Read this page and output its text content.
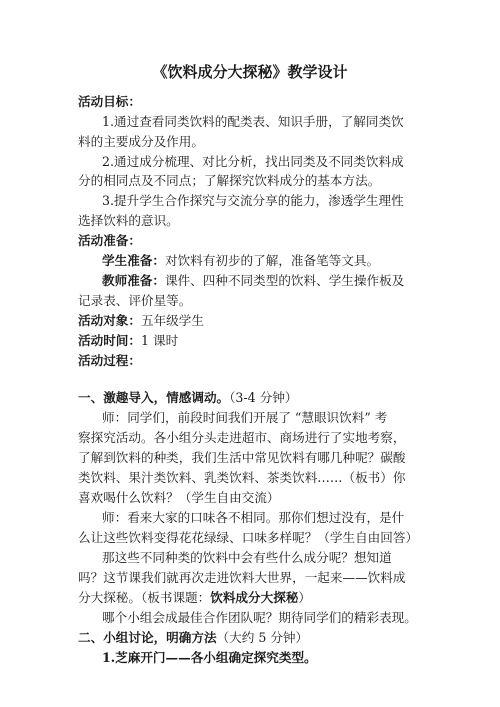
《饮料成分大探秘》教学设计
活动目标：
1.通过查看同类饮料的配类表、知识手册，了解同类饮
料的主要成分及作用。
2.通过成分梳理、对比分析，找出同类及不同类饮料成
分的相同点及不同点；了解探究饮料成分的基本方法。
3.提升学生合作探究与交流分享的能力，渗透学生理性
选择饮料的意识。
活动准备：
学生准备：对饮料有初步的了解，准备笔等文具。
教师准备：课件、四种不同类型的饮料、学生操作板及
记录表、评价星等。
活动对象：五年级学生
活动时间：1 课时
活动过程：
一、激趣导入，情感调动。（3-4 分钟）
师：同学们，前段时间我们开展了 “慧眼识饮料” 考
察探究活动。各小组分头走进超市、商场进行了实地考察，
了解到饮料的种类，我们生活中常见饮料有哪几种呢？碳酸
类饮料、果汁类饮料、乳类饮料、茶类饮料……（板书）你
喜欢喝什么饮料？（学生自由交流）
师：看来大家的口味各不相同。那你们想过没有，是什
么让这些饮料变得花花绿绿、口味多样呢？（学生自由回答）
那这些不同种类的饮料中会有些什么成分呢？想知道
吗？这节课我们就再次走进饮料大世界，一起来——饮料成
分大探秘。（板书课题：饮料成分大探秘）
哪个小组会成最佳合作团队呢？期待同学们的精彩表现。
二、小组讨论，明确方法（大约 5 分钟）
1.芝麻开门——各小组确定探究类型。
